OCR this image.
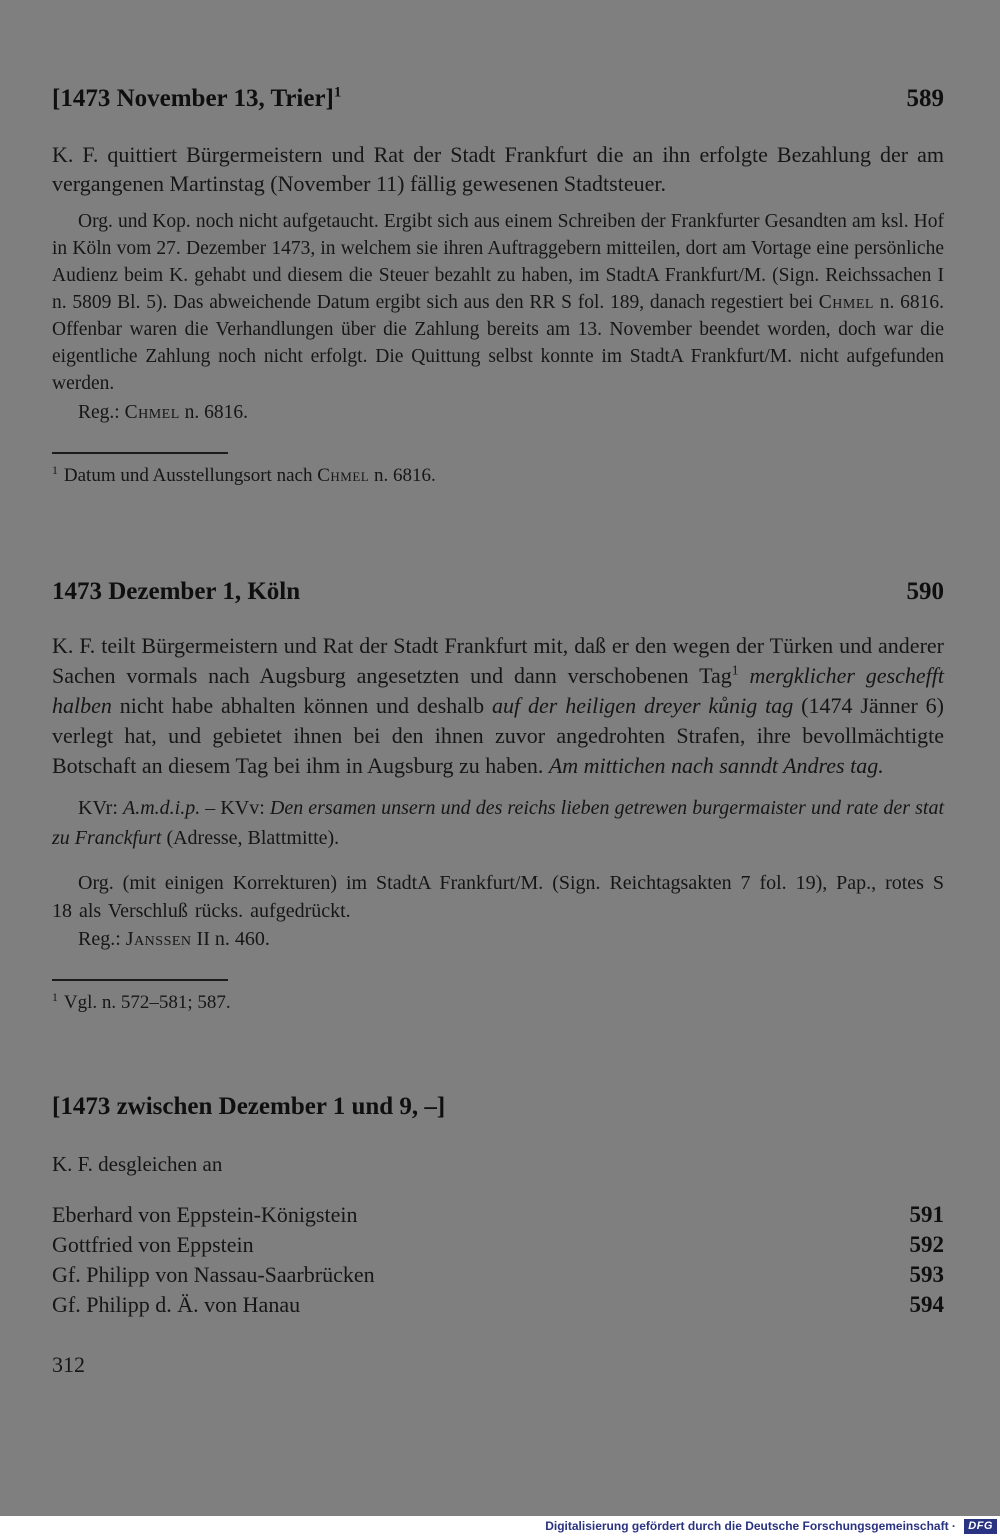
[1473 November 13, Trier]$^1$	589

K. F. quittiert Bürgermeistern und Rat der Stadt Frankfurt die an ihn erfolgte Bezahlung der am vergangenen Martinstag (November 11) fällig gewesenen Stadtsteuer.

Org. und Kop. noch nicht aufgetaucht. Ergibt sich aus einem Schreiben der Frankfurter Gesandten am ksl. Hof in Köln vom 27. Dezember 1473, in welchem sie ihren Auftraggebern mitteilen, dort am Vortage eine persönliche Audienz beim K. gehabt und diesem die Steuer bezahlt zu haben, im StadtA Frankfurt/M. (Sign. Reichssachen I n. 5809 Bl. 5). Das abweichende Datum ergibt sich aus den RR S fol. 189, danach regestiert bei Chmel n. 6816. Offenbar waren die Verhandlungen über die Zahlung bereits am 13. November beendet worden, doch war die eigentliche Zahlung noch nicht erfolgt. Die Quittung selbst konnte im StadtA Frankfurt/M. nicht aufgefunden werden.

Reg.: Chmel n. 6816.

$^1$ Datum und Ausstellungsort nach Chmel n. 6816.

1473 Dezember 1, Köln	590

K. F. teilt Bürgermeistern und Rat der Stadt Frankfurt mit, daß er den wegen der Türken und anderer Sachen vormals nach Augsburg angesetzten und dann verschobenen Tag$^1$ mergklicher geschefft halben nicht habe abhalten können und deshalb auf der heiligen dreyer kůnig tag (1474 Jänner 6) verlegt hat, und gebietet ihnen bei den ihnen zuvor angedrohten Strafen, ihre bevollmächtigte Botschaft an diesem Tag bei ihm in Augsburg zu haben. Am mittichen nach sanndt Andres tag.

KVr: A.m.d.i.p. – KVv: Den ersamen unsern und des reichs lieben getrewen burgermaister und rate der stat zu Franckfurt (Adresse, Blattmitte).

Org. (mit einigen Korrekturen) im StadtA Frankfurt/M. (Sign. Reichtagsakten 7 fol. 19), Pap., rotes S 18 als Verschluß rücks. aufgedrückt.

Reg.: Janssen II n. 460.

$^1$ Vgl. n. 572–581; 587.

[1473 zwischen Dezember 1 und 9, –]

K. F. desgleichen an

Eberhard von Eppstein-Königstein	591
Gottfried von Eppstein	592
Gf. Philipp von Nassau-Saarbrücken	593
Gf. Philipp d. Ä. von Hanau	594

312

Digitalisierung gefördert durch die Deutsche Forschungsgemeinschaft · DFG
